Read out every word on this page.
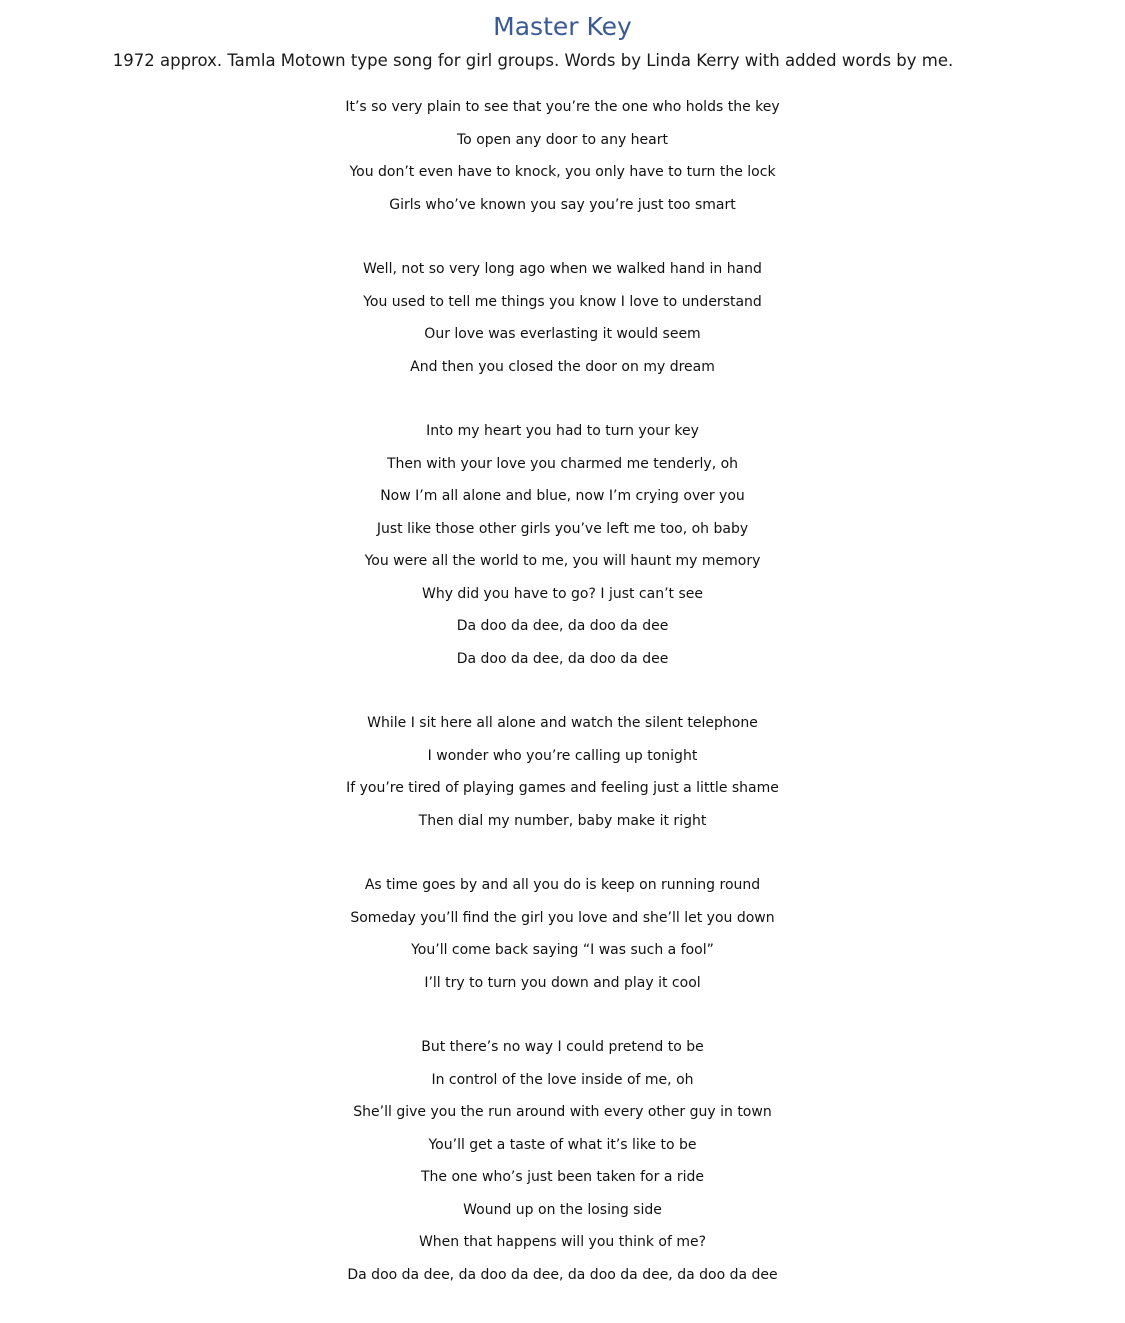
Master Key
1972 approx. Tamla Motown type song for girl groups. Words by Linda Kerry with added words by me.
It’s so very plain to see that you’re the one who holds the key
To open any door to any heart
You don’t even have to knock, you only have to turn the lock
Girls who’ve known you say you’re just too smart
Well, not so very long ago when we walked hand in hand
You used to tell me things you know I love to understand
Our love was everlasting it would seem
And then you closed the door on my dream
Into my heart you had to turn your key
Then with your love you charmed me tenderly, oh
Now I’m all alone and blue, now I’m crying over you
Just like those other girls you’ve left me too, oh baby
You were all the world to me, you will haunt my memory
Why did you have to go? I just can’t see
Da doo da dee, da doo da dee
Da doo da dee, da doo da dee
While I sit here all alone and watch the silent telephone
I wonder who you’re calling up tonight
If you’re tired of playing games and feeling just a little shame
Then dial my number, baby make it right
As time goes by and all you do is keep on running round
Someday you’ll find the girl you love and she’ll let you down
You’ll come back saying “I was such a fool”
I’ll try to turn you down and play it cool
But there’s no way I could pretend to be
In control of the love inside of me, oh
She’ll give you the run around with every other guy in town
You’ll get a taste of what it’s like to be
The one who’s just been taken for a ride
Wound up on the losing side
When that happens will you think of me?
Da doo da dee, da doo da dee, da doo da dee, da doo da dee
